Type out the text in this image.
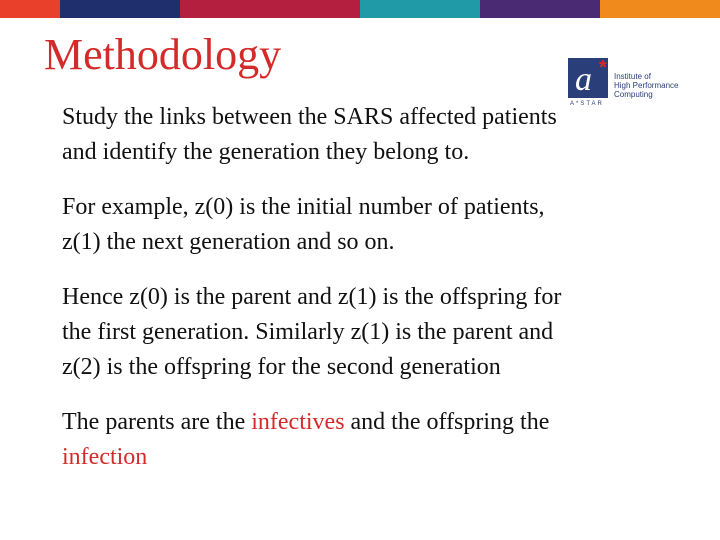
Methodology
a *
A*STAR
Institute of
High Performance
Computing
Study the links between the SARS affected patients
and identify the generation they belong to.
For example, z(0) is the initial number of patients,
z(1) the next generation and so on.
Hence z(0) is the parent and z(1) is the offspring for
the first generation. Similarly z(1) is the parent and
z(2) is the offspring for the second generation
The parents are the infectives and the offspring the
infection
